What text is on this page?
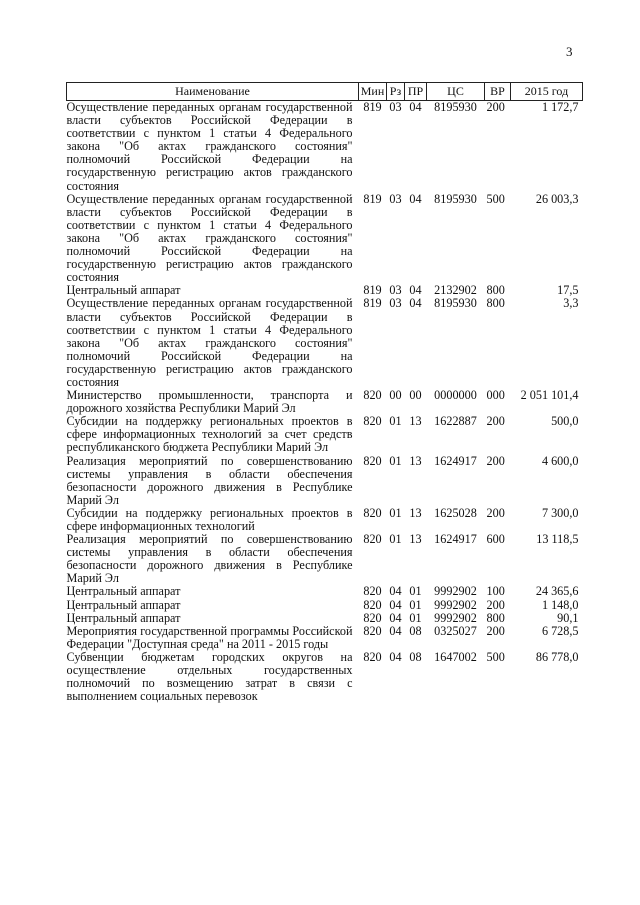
3
Наименование	Мин	Рз	ПР	ЦС	ВР	2015 год
Осуществление переданных органам государственной власти субъектов Российской Федерации в соответствии с пунктом 1 статьи 4 Федерального закона "Об актах гражданского состояния" полномочий Российской Федерации на государственную регистрацию актов гражданского состояния	819	03	04	8195930	200	1 172,7
Осуществление переданных органам государственной власти субъектов Российской Федерации в соответствии с пунктом 1 статьи 4 Федерального закона "Об актах гражданского состояния" полномочий Российской Федерации на государственную регистрацию актов гражданского состояния	819	03	04	8195930	500	26 003,3
Центральный аппарат	819	03	04	2132902	800	17,5
Осуществление переданных органам государственной власти субъектов Российской Федерации в соответствии с пунктом 1 статьи 4 Федерального закона "Об актах гражданского состояния" полномочий Российской Федерации на государственную регистрацию актов гражданского состояния	819	03	04	8195930	800	3,3
Министерство промышленности, транспорта и дорожного хозяйства Республики Марий Эл	820	00	00	0000000	000	2 051 101,4
Субсидии на поддержку региональных проектов в сфере информационных технологий за счет средств республиканского бюджета Республики Марий Эл	820	01	13	1622887	200	500,0
Реализация мероприятий по совершенствованию системы управления в области обеспечения безопасности дорожного движения в Республике Марий Эл	820	01	13	1624917	200	4 600,0
Субсидии на поддержку региональных проектов в сфере информационных технологий	820	01	13	1625028	200	7 300,0
Реализация мероприятий по совершенствованию системы управления в области обеспечения безопасности дорожного движения в Республике Марий Эл	820	01	13	1624917	600	13 118,5
Центральный аппарат	820	04	01	9992902	100	24 365,6
Центральный аппарат	820	04	01	9992902	200	1 148,0
Центральный аппарат	820	04	01	9992902	800	90,1
Мероприятия государственной программы Российской Федерации "Доступная среда" на 2011 - 2015 годы	820	04	08	0325027	200	6 728,5
Субвенции бюджетам городских округов на осуществление отдельных государственных полномочий по возмещению затрат в связи с выполнением социальных перевозок	820	04	08	1647002	500	86 778,0
